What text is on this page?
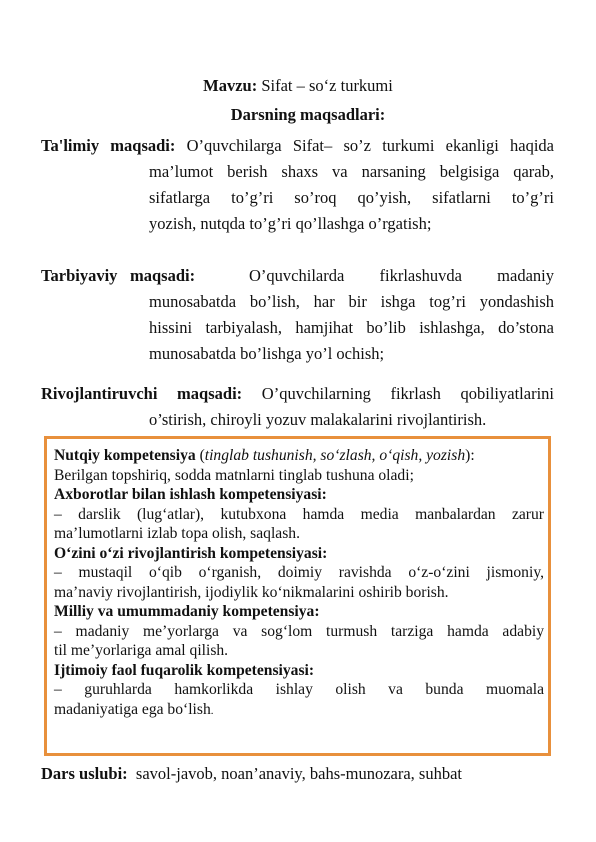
Mavzu: Sifat – so‘z turkumi
Darsning maqsadlari:
Ta'limiy maqsadi: O’quvchilarga Sifat– so’z turkumi ekanligi haqida
ma’lumot berish shaxs va narsaning belgisiga qarab,
sifatlarga to’g’ri so’roq qo’yish, sifatlarni to’g’ri
yozish, nutqda to’g’ri qo’llashga o’rgatish;
Tarbiyaviy maqsadi:	O’quvchilarda fikrlashuvda madaniy
munosabatda bo’lish, har bir ishga tog’ri yondashish
hissini tarbiyalash, hamjihat bo’lib ishlashga, do’stona
munosabatda bo’lishga yo’l ochish;
Rivojlantiruvchi maqsadi: O’quvchilarning fikrlash qobiliyatlarini
o’stirish, chiroyli yozuv malakalarini rivojlantirish.
Nutqiy kompetensiya (tinglab tushunish, so‘zlash, o‘qish, yozish):
Berilgan topshiriq, sodda matnlarni tinglab tushuna oladi;
Axborotlar bilan ishlash kompetensiyasi:
– darslik (lug‘atlar), kutubxona hamda media manbalardan zarur
ma’lumotlarni izlab topa olish, saqlash.
O‘zini o‘zi rivojlantirish kompetensiyasi:
– mustaqil o‘qib o‘rganish, doimiy ravishda o‘z-o‘zini jismoniy,
ma’naviy rivojlantirish, ijodiylik ko‘nikmalarini oshirib borish.
Milliy va umummadaniy kompetensiya:
– madaniy me’yorlarga va sog‘lom turmush tarziga hamda adabiy
til me’yorlariga amal qilish.
Ijtimoiy faol fuqarolik kompetensiyasi:
– guruhlarda hamkorlikda ishlay olish va bunda muomala
madaniyatiga ega bo‘lish.
Dars uslubi:  savol-javob, noan’anaviy, bahs-munozara, suhbat
